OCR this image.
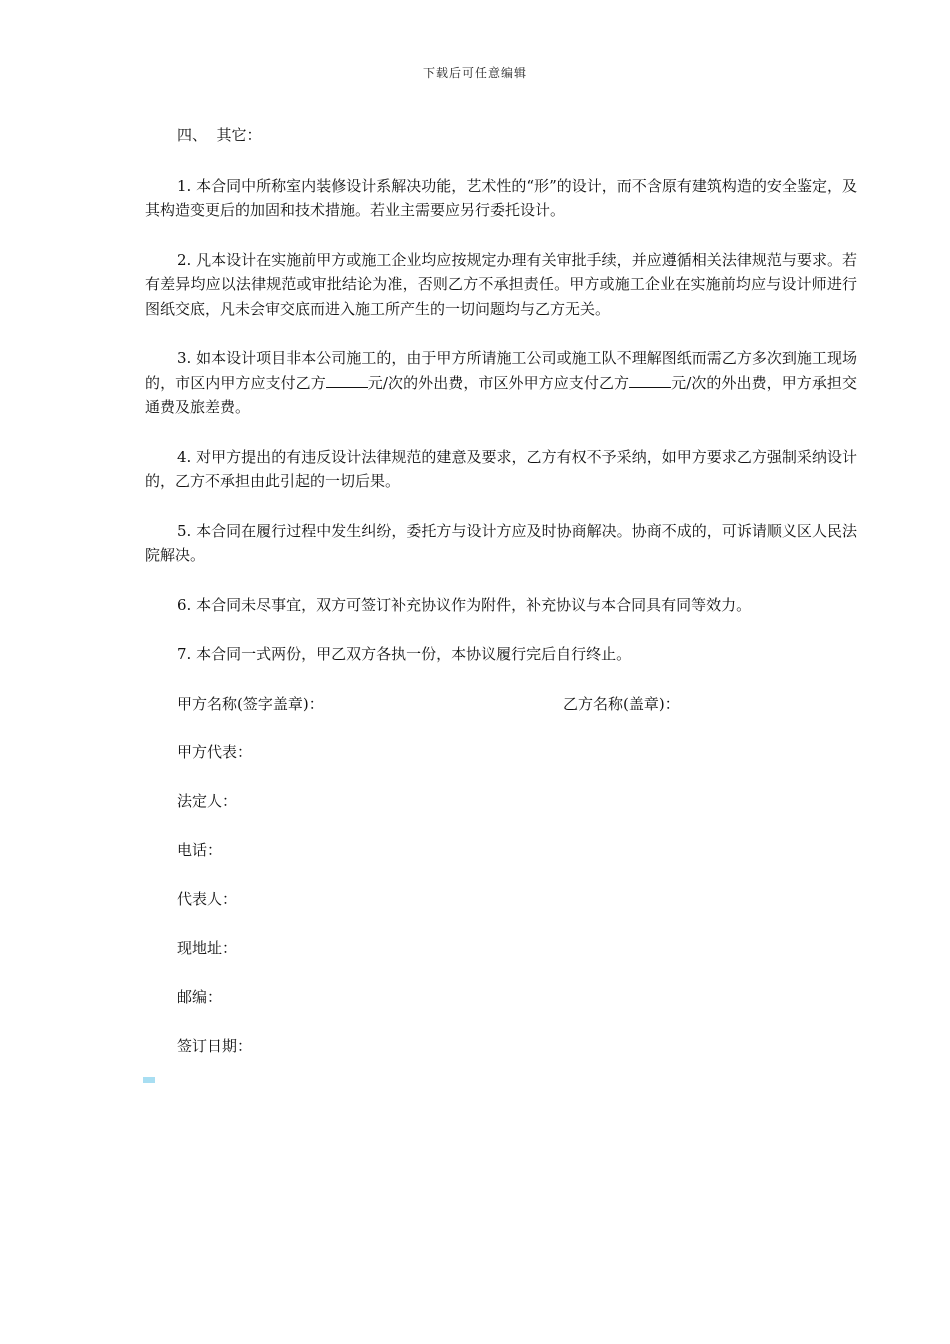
下载后可任意编辑
四、  其它：

1. 本合同中所称室内装修设计系解决功能，艺术性的“形”的设计，而不含原有建筑构造的安全鉴定，及其构造变更后的加固和技术措施。若业主需要应另行委托设计。

2. 凡本设计在实施前甲方或施工企业均应按规定办理有关审批手续，并应遵循相关法律规范与要求。若有差异均应以法律规范或审批结论为准，否则乙方不承担责任。甲方或施工企业在实施前均应与设计师进行图纸交底，凡未会审交底而进入施工所产生的一切问题均与乙方无关。

3. 如本设计项目非本公司施工的，由于甲方所请施工公司或施工队不理解图纸而需乙方多次到施工现场的，市区内甲方应支付乙方	元/次的外出费，市区外甲方应支付乙方	元/次的外出费，甲方承担交通费及旅差费。

4. 对甲方提出的有违反设计法律规范的建意及要求，乙方有权不予采纳，如甲方要求乙方强制采纳设计的，乙方不承担由此引起的一切后果。

5. 本合同在履行过程中发生纠纷，委托方与设计方应及时协商解决。协商不成的，可诉请顺义区人民法院解决。

6. 本合同未尽事宜，双方可签订补充协议作为附件，补充协议与本合同具有同等效力。

7. 本合同一式两份，甲乙双方各执一份，本协议履行完后自行终止。

甲方名称(签字盖章)：	乙方名称(盖章)：
甲方代表：
法定人：
电话：
代表人：
现地址：
邮编：
签订日期：
